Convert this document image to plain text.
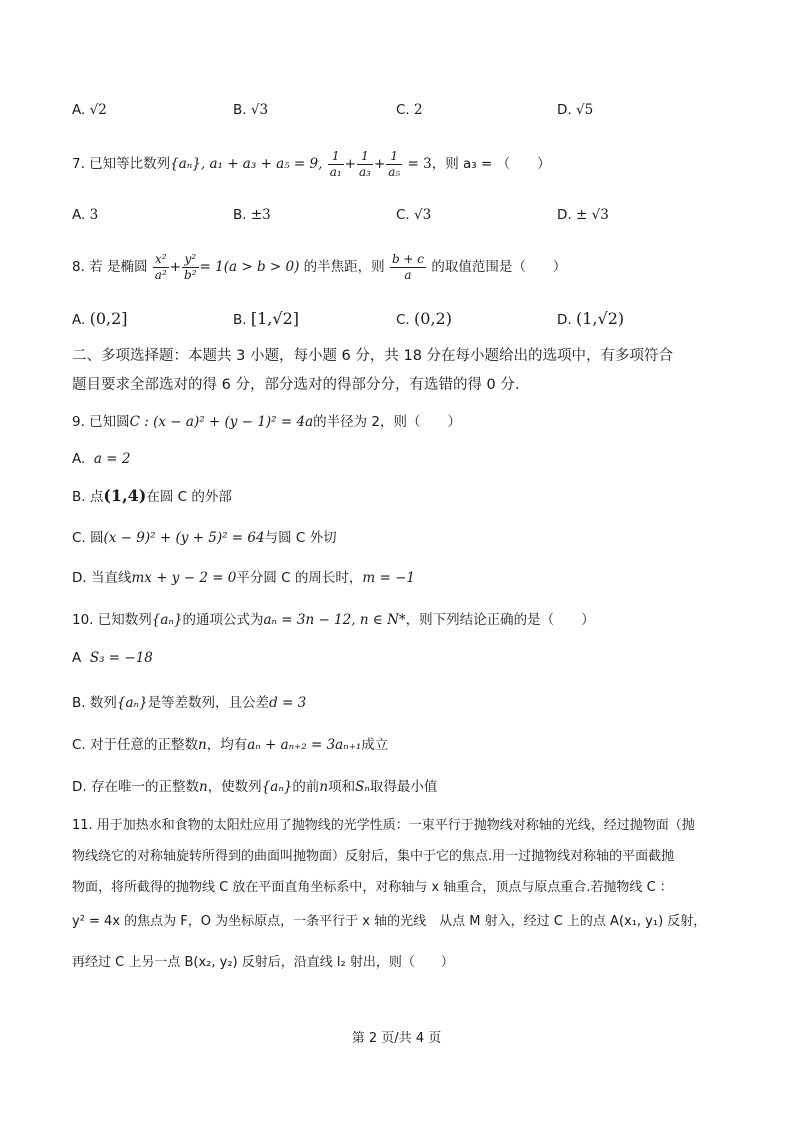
A. √2	B. √3	C. 2	D. √5
7. 已知等比数列{aₙ}, a₁ + a₃ + a₅ = 9, $\frac{1}{\text{a₁}} + \frac{1}{\text{a₃}} + \frac{1}{\text{a₅}} = 3$，则 a₃ = （　　）
A. 3	B. ±3	C. √3	D. ± √3
8. 若 是椭圆 $\frac{\text{x²}}{\text{a²}} + \frac{\text{y²}}{\text{b²}} = 1(a > b > 0)$ 的半焦距，则 $\frac{b + c}{a}$ 的取值范围是（　　）
A. (0,2]	B. [1,√2]	C. (0,2)	D. (1,√2)
二、多项选择题：本题共 3 小题，每小题 6 分，共 18 分在每小题给出的选项中，有多项符合
题目要求全部选对的得 6 分，部分选对的得部分分，有选错的得 0 分.
9. 已知圆C : (x − a)² + (y − 1)² = 4a的半径为 2，则（　　）
A. a = 2
B. 点(1,4)在圆 C 的外部
C. 圆(x − 9)² + (y + 5)² = 64与圆 C 外切
D. 当直线mx + y − 2 = 0平分圆 C 的周长时，m = −1
10. 已知数列{aₙ}的通项公式为aₙ = 3n − 12, n ∈ N*，则下列结论正确的是（　　）
A S₃ = −18
B. 数列{aₙ}是等差数列，且公差d = 3
C. 对于任意的正整数n，均有aₙ + aₙ₊₂ = 3aₙ₊₁成立
D. 存在唯一的正整数n，使数列{aₙ}的前n项和Sₙ取得最小值
11. 用于加热水和食物的太阳灶应用了抛物线的光学性质：一束平行于抛物线对称轴的光线，经过抛物面（抛
物线绕它的对称轴旋转所得到的曲面叫抛物面）反射后，集中于它的焦点.用一过抛物线对称轴的平面截抛
物面，将所截得的抛物线 C 放在平面直角坐标系中，对称轴与 x 轴重合，顶点与原点重合.若抛物线 C ：
y² = 4x 的焦点为 F，O 为坐标原点，一条平行于 x 轴的光线　从点 M 射入，经过 C 上的点 A(x₁, y₁) 反射，
再经过 C 上另一点 B(x₂, y₂) 反射后，沿直线 l₂ 射出，则（　　）
第 2 页/共 4 页
